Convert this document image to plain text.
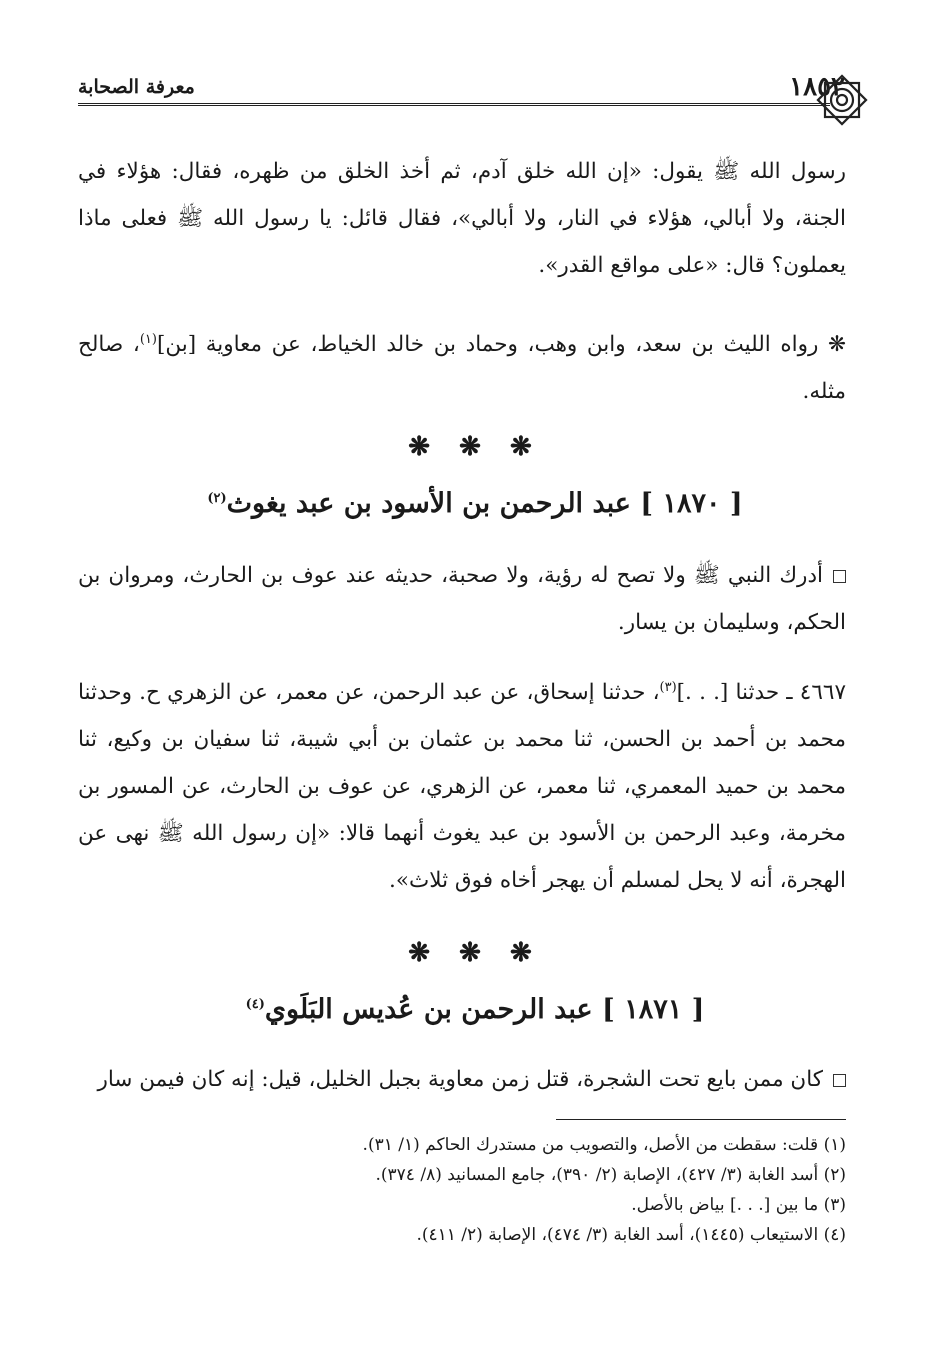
معرفة الصحابة	١٨٥٢
رسول الله ﷺ يقول: «إن الله خلق آدم، ثم أخذ الخلق من ظهره، فقال: هؤلاء في الجنة، ولا أبالي، هؤلاء في النار، ولا أبالي»، فقال قائل: يا رسول الله ﷺ فعلى ماذا يعملون؟ قال: «على مواقع القدر».
❋ رواه الليث بن سعد، وابن وهب، وحماد بن خالد الخياط، عن معاوية [بن]$^{(١)}$، صالح مثله.
❋ ❋ ❋
[ ١٨٧٠ ] عبد الرحمن بن الأسود بن عبد يغوث$^{(٢)}$
أدرك النبي ﷺ ولا تصح له رؤية، ولا صحبة، حديثه عند عوف بن الحارث، ومروان بن الحكم، وسليمان بن يسار.
٤٦٦٧ ـ حدثنا [. . .]$^{(٣)}$، حدثنا إسحاق، عن عبد الرحمن، عن معمر، عن الزهري ح. وحدثنا محمد بن أحمد بن الحسن، ثنا محمد بن عثمان بن أبي شيبة، ثنا سفيان بن وكيع، ثنا محمد بن حميد المعمري، ثنا معمر، عن الزهري، عن عوف بن الحارث، عن المسور بن مخرمة، وعبد الرحمن بن الأسود بن عبد يغوث أنهما قالا: «إن رسول الله ﷺ نهى عن الهجرة، أنه لا يحل لمسلم أن يهجر أخاه فوق ثلاث».
❋ ❋ ❋
[ ١٨٧١ ] عبد الرحمن بن عُديس البَلَوي$^{(٤)}$
كان ممن بايع تحت الشجرة، قتل زمن معاوية بجبل الخليل، قيل: إنه كان فيمن سار
(١) قلت: سقطت من الأصل، والتصويب من مستدرك الحاكم (١/ ٣١).
(٢) أسد الغابة (٣/ ٤٢٧)، الإصابة (٢/ ٣٩٠)، جامع المسانيد (٨/ ٣٧٤).
(٣) ما بين [. . .] بياض بالأصل.
(٤) الاستيعاب (١٤٤٥)، أسد الغابة (٣/ ٤٧٤)، الإصابة (٢/ ٤١١).
